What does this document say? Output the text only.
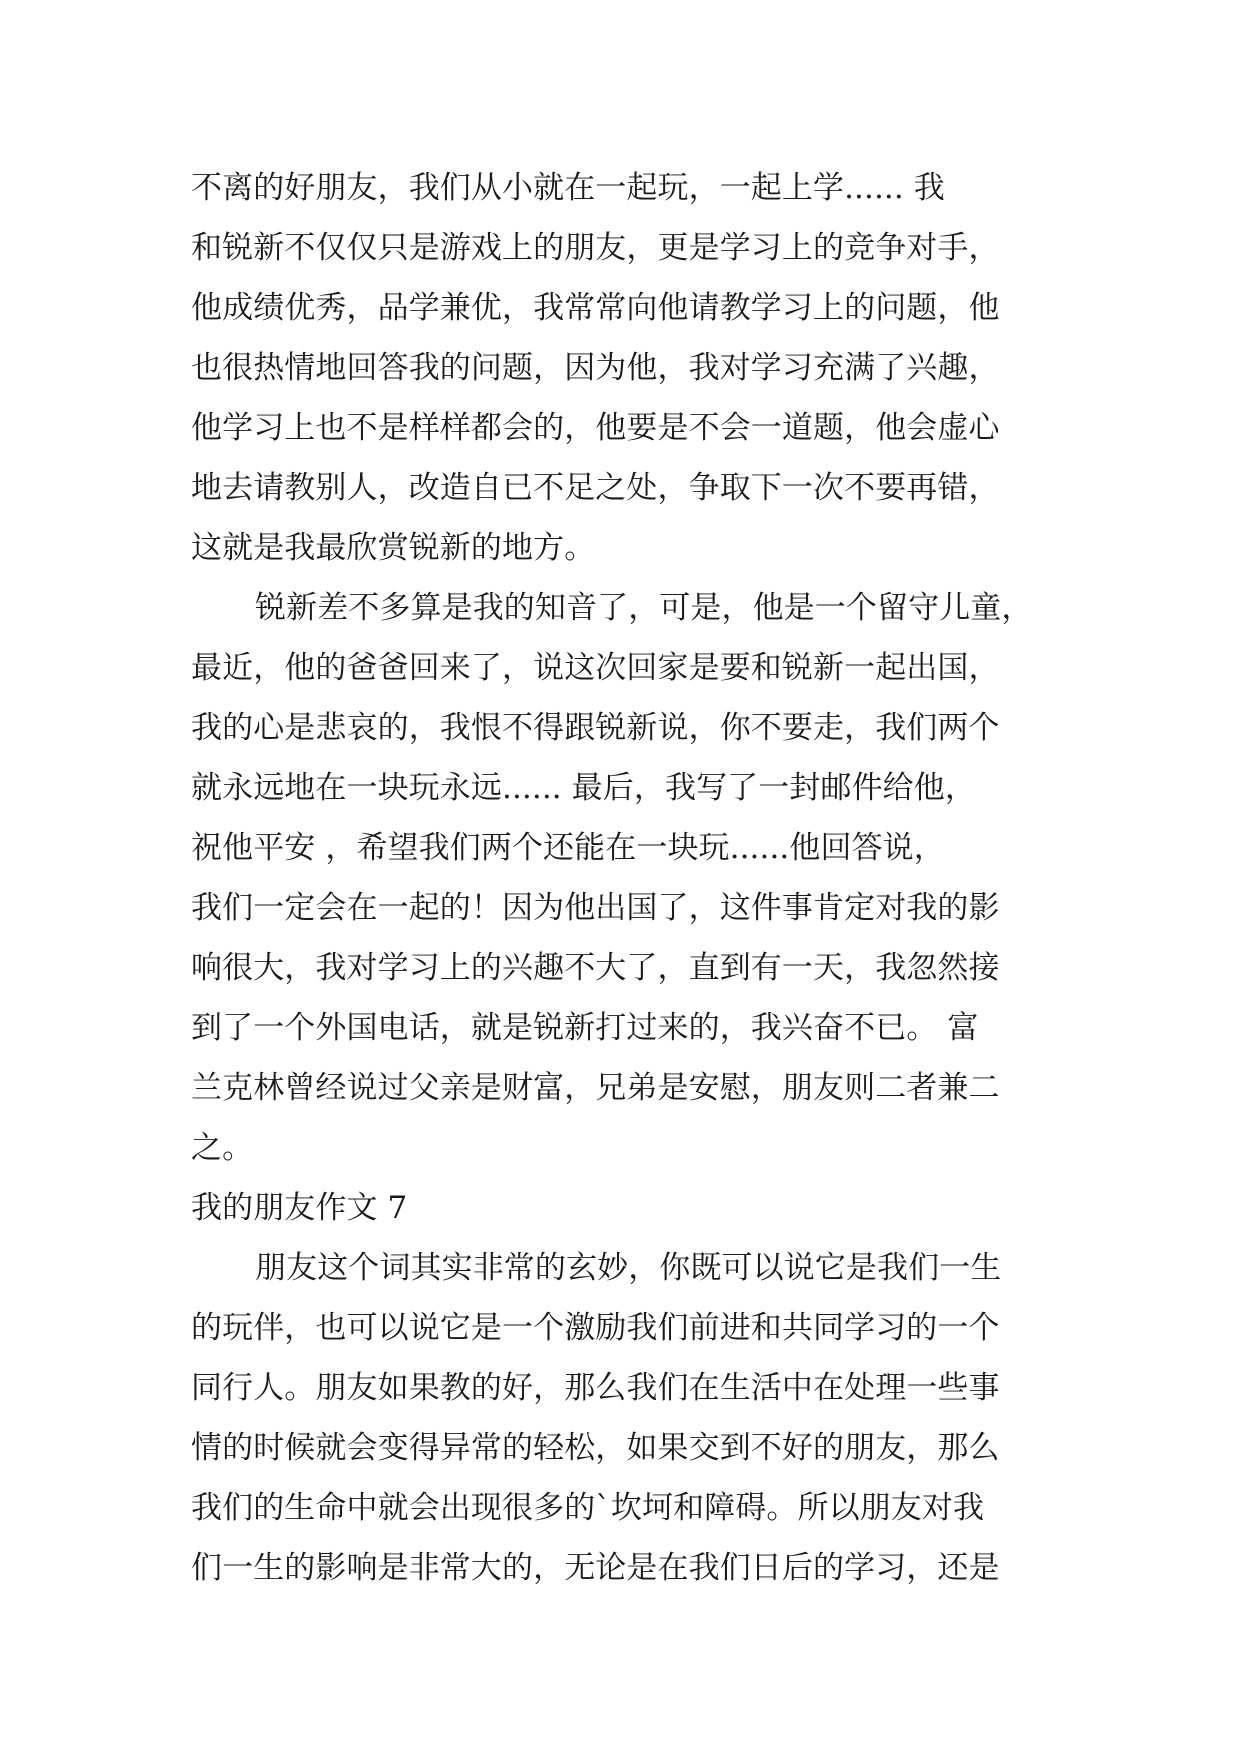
不离的好朋友，我们从小就在一起玩，一起上学...... 我
和锐新不仅仅只是游戏上的朋友，更是学习上的竞争对手，
他成绩优秀，品学兼优，我常常向他请教学习上的问题，他
也很热情地回答我的问题，因为他，我对学习充满了兴趣，
他学习上也不是样样都会的，他要是不会一道题，他会虚心
地去请教别人，改造自已不足之处，争取下一次不要再错，
这就是我最欣赏锐新的地方。
锐新差不多算是我的知音了，可是，他是一个留守儿童，
最近，他的爸爸回来了，说这次回家是要和锐新一起出国，
我的心是悲哀的，我恨不得跟锐新说，你不要走，我们两个
就永远地在一块玩永远...... 最后，我写了一封邮件给他，
祝他平安 ，希望我们两个还能在一块玩......他回答说，
我们一定会在一起的！因为他出国了，这件事肯定对我的影
响很大，我对学习上的兴趣不大了，直到有一天，我忽然接
到了一个外国电话，就是锐新打过来的，我兴奋不已。 富
兰克林曾经说过父亲是财富，兄弟是安慰，朋友则二者兼二
之。
我的朋友作文 7
朋友这个词其实非常的玄妙，你既可以说它是我们一生
的玩伴，也可以说它是一个激励我们前进和共同学习的一个
同行人。朋友如果教的好，那么我们在生活中在处理一些事
情的时候就会变得异常的轻松，如果交到不好的朋友，那么
我们的生命中就会出现很多的`坎坷和障碍。所以朋友对我
们一生的影响是非常大的，无论是在我们日后的学习，还是
